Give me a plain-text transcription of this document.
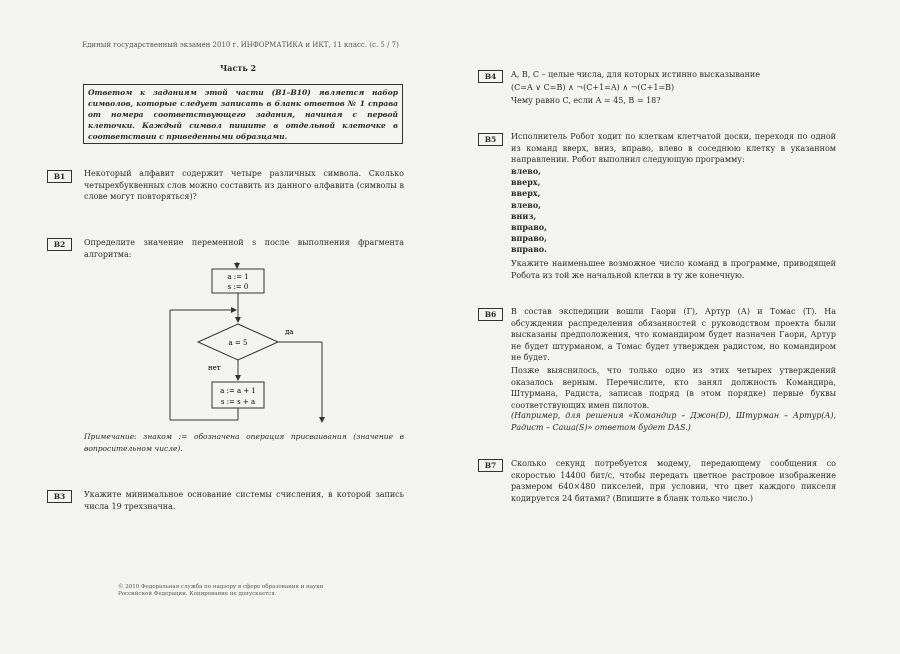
Единый государственный экзамен 2010 г. ИНФОРМАТИКА и ИКТ, 11 класс. (с. 5 / 7)
Часть 2
Ответом к заданиям этой части (В1–В10) является набор символов, которые следует записать в бланк ответов № 1 справа от номера соответствующего задания, начиная с первой клеточки. Каждый символ пишите в отдельной клеточке в соответствии с приведенными образцами.
B1	Некоторый алфавит содержит четыре различных символа. Сколько четырехбуквенных слов можно составить из данного алфавита (символы в слове могут повторяться)?
B2	Определите значение переменной s после выполнения фрагмента алгоритма:
a := 1
s := 0
a = 5
да
нет
a := a + 1
s := s + a
Примечание: знаком := обозначена операция присваивания (значение в вопросительном числе).
B3	Укажите минимальное основание системы счисления, в которой запись числа 19 трехзначна.
B4	A, B, C – целые числа, для которых истинно высказывание
(C=A ∨ C=B) ∧ ¬(C+1=A) ∧ ¬(C+1=B)
Чему равно C, если A = 45, B = 18?
B5	Исполнитель Робот ходит по клеткам клетчатой доски, переходя по одной из команд вверх, вниз, вправо, влево в соседнюю клетку в указанном направлении. Робот выполнил следующую программу:
влево,
вверх,
вверх,
влево,
вниз,
вправо,
вправо,
вправо.
Укажите наименьшее возможное число команд в программе, приводящей Робота из той же начальной клетки в ту же конечную.
B6	В состав экспедиции вошли Гаори (Г), Артур (А) и Томас (Т). На обсуждении распределения обязанностей с руководством проекта были высказаны предположения, что командиром будет назначен Гаори, Артур не будет штурманом, а Томас будет утвержден радистом, но командиром не будет.
Позже выяснилось, что только одно из этих четырех утверждений оказалось верным. Перечислите, кто занял должность Командира, Штурмана, Радиста, записав подряд (в этом порядке) первые буквы соответствующих имен пилотов.
(Например, для решения «Командир – Джон(D), Штурман – Артур(A), Радист – Саша(S)» ответом будет DAS.)
B7	Сколько секунд потребуется модему, передающему сообщения со скоростью 14400 бит/с, чтобы передать цветное растровое изображение размером 640×480 пикселей, при условии, что цвет каждого пикселя кодируется 24 битами? (Впишите в бланк только число.)
© 2010 Федеральная служба по надзору в сфере образования и науки Российской Федерации. Копирование не допускается.
